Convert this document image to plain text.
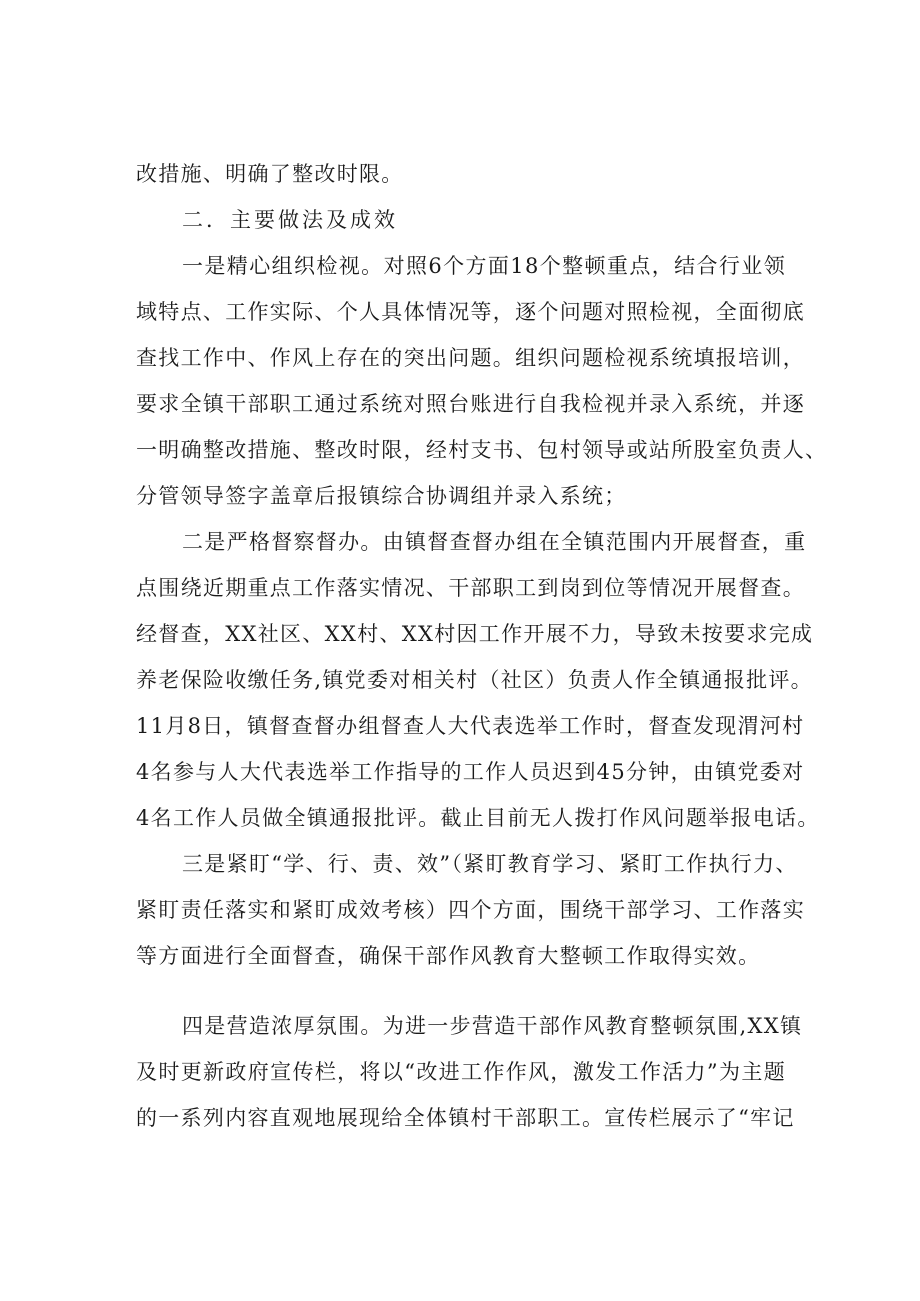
改措施、明确了整改时限。
二．主要做法及成效
一是精心组织检视。对照6个方面18个整顿重点，结合行业领
域特点、工作实际、个人具体情况等，逐个问题对照检视，全面彻底
查找工作中、作风上存在的突出问题。组织问题检视系统填报培训，
要求全镇干部职工通过系统对照台账进行自我检视并录入系统，并逐
一明确整改措施、整改时限，经村支书、包村领导或站所股室负责人、
分管领导签字盖章后报镇综合协调组并录入系统；
二是严格督察督办。由镇督查督办组在全镇范围内开展督查，重
点围绕近期重点工作落实情况、干部职工到岗到位等情况开展督查。
经督查，XX社区、XX村、XX村因工作开展不力，导致未按要求完成
养老保险收缴任务,镇党委对相关村（社区）负责人作全镇通报批评。
11月8日，镇督查督办组督查人大代表选举工作时，督查发现渭河村
4名参与人大代表选举工作指导的工作人员迟到45分钟，由镇党委对
4名工作人员做全镇通报批评。截止目前无人拨打作风问题举报电话。
三是紧盯“学、行、责、效”（紧盯教育学习、紧盯工作执行力、
紧盯责任落实和紧盯成效考核）四个方面，围绕干部学习、工作落实
等方面进行全面督查，确保干部作风教育大整顿工作取得实效。
四是营造浓厚氛围。为进一步营造干部作风教育整顿氛围,XX镇
及时更新政府宣传栏，将以“改进工作作风，激发工作活力”为主题
的一系列内容直观地展现给全体镇村干部职工。宣传栏展示了“牢记
